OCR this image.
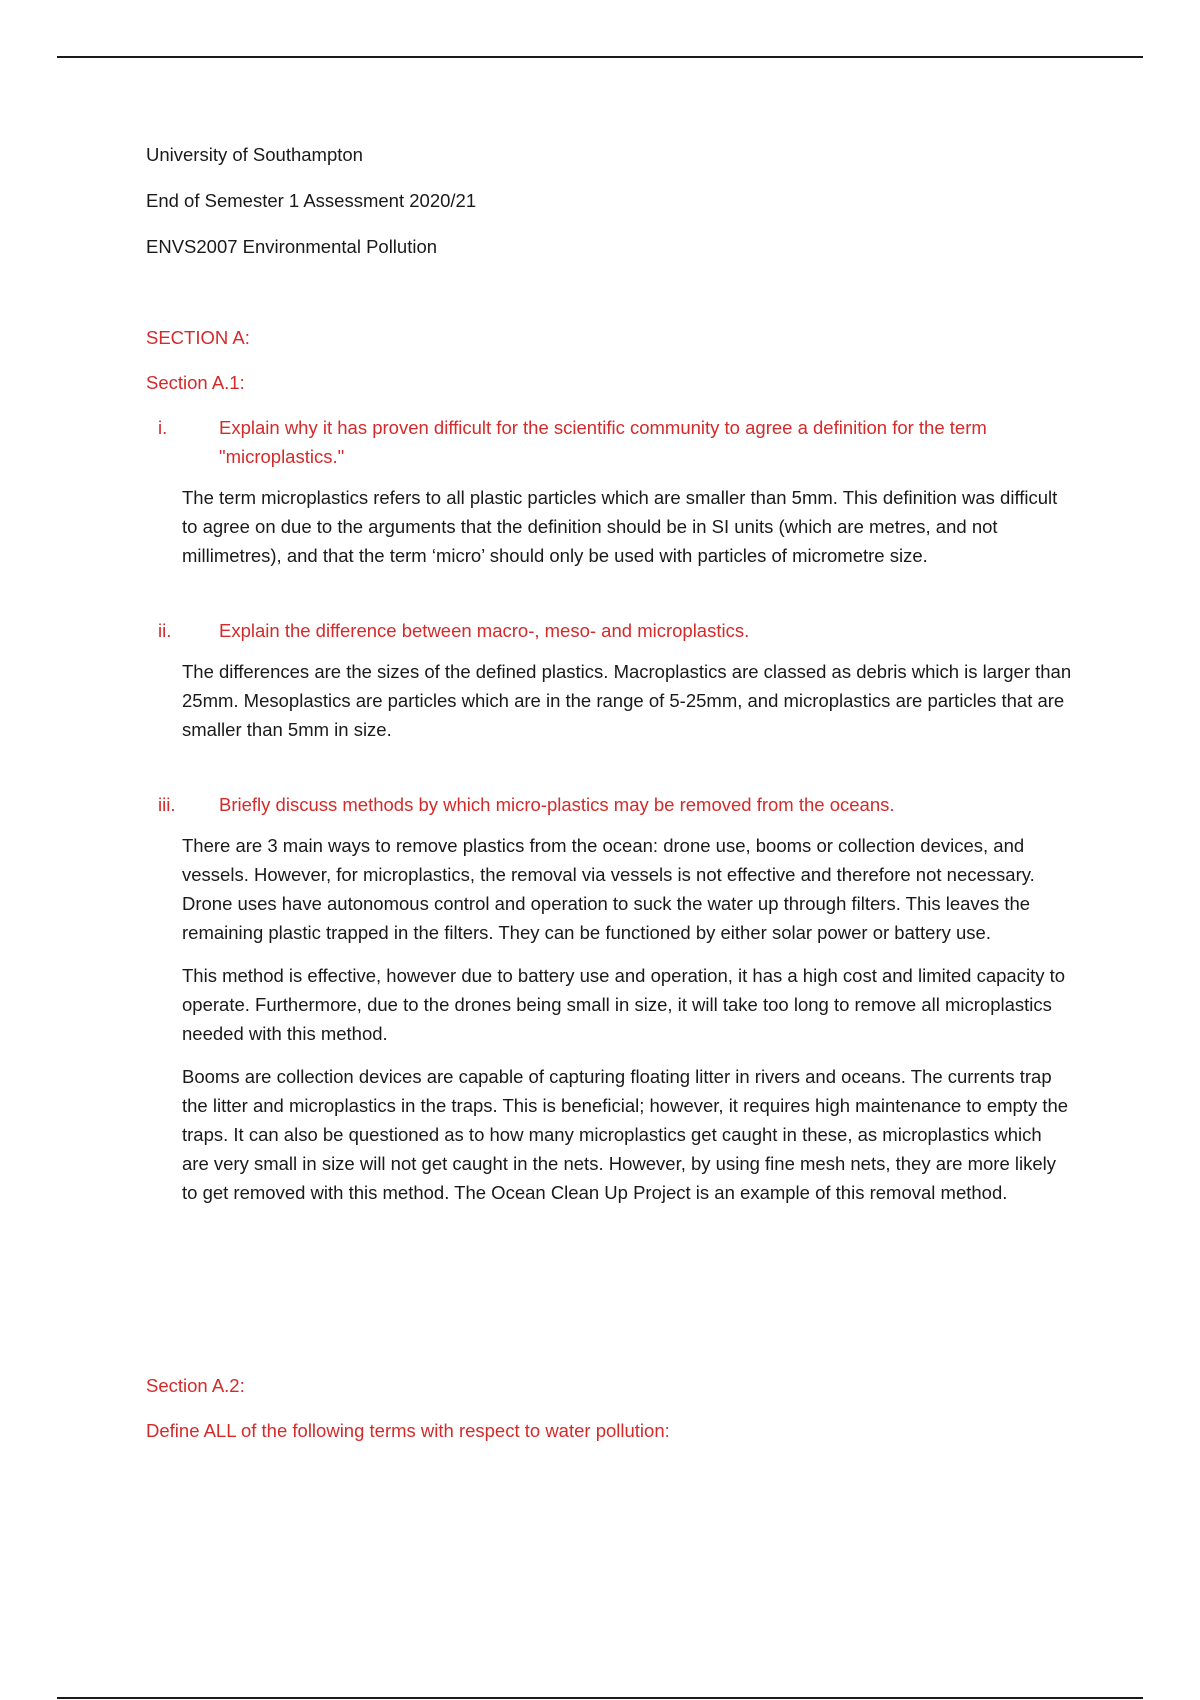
University of Southampton

End of Semester 1 Assessment 2020/21

ENVS2007 Environmental Pollution

SECTION A:

Section A.1:

i.	Explain why it has proven difficult for the scientific community to agree a definition for the term "microplastics."

The term microplastics refers to all plastic particles which are smaller than 5mm. This definition was difficult to agree on due to the arguments that the definition should be in SI units (which are metres, and not millimetres), and that the term ‘micro’ should only be used with particles of micrometre size.

ii.	Explain the difference between macro-, meso- and microplastics.

The differences are the sizes of the defined plastics. Macroplastics are classed as debris which is larger than 25mm. Mesoplastics are particles which are in the range of 5-25mm, and microplastics are particles that are smaller than 5mm in size.

iii.	Briefly discuss methods by which micro-plastics may be removed from the oceans.

There are 3 main ways to remove plastics from the ocean: drone use, booms or collection devices, and vessels. However, for microplastics, the removal via vessels is not effective and therefore not necessary. Drone uses have autonomous control and operation to suck the water up through filters. This leaves the remaining plastic trapped in the filters. They can be functioned by either solar power or battery use.

This method is effective, however due to battery use and operation, it has a high cost and limited capacity to operate. Furthermore, due to the drones being small in size, it will take too long to remove all microplastics needed with this method.

Booms are collection devices are capable of capturing floating litter in rivers and oceans. The currents trap the litter and microplastics in the traps. This is beneficial; however, it requires high maintenance to empty the traps. It can also be questioned as to how many microplastics get caught in these, as microplastics which are very small in size will not get caught in the nets. However, by using fine mesh nets, they are more likely to get removed with this method. The Ocean Clean Up Project is an example of this removal method.

Section A.2:

Define ALL of the following terms with respect to water pollution:
